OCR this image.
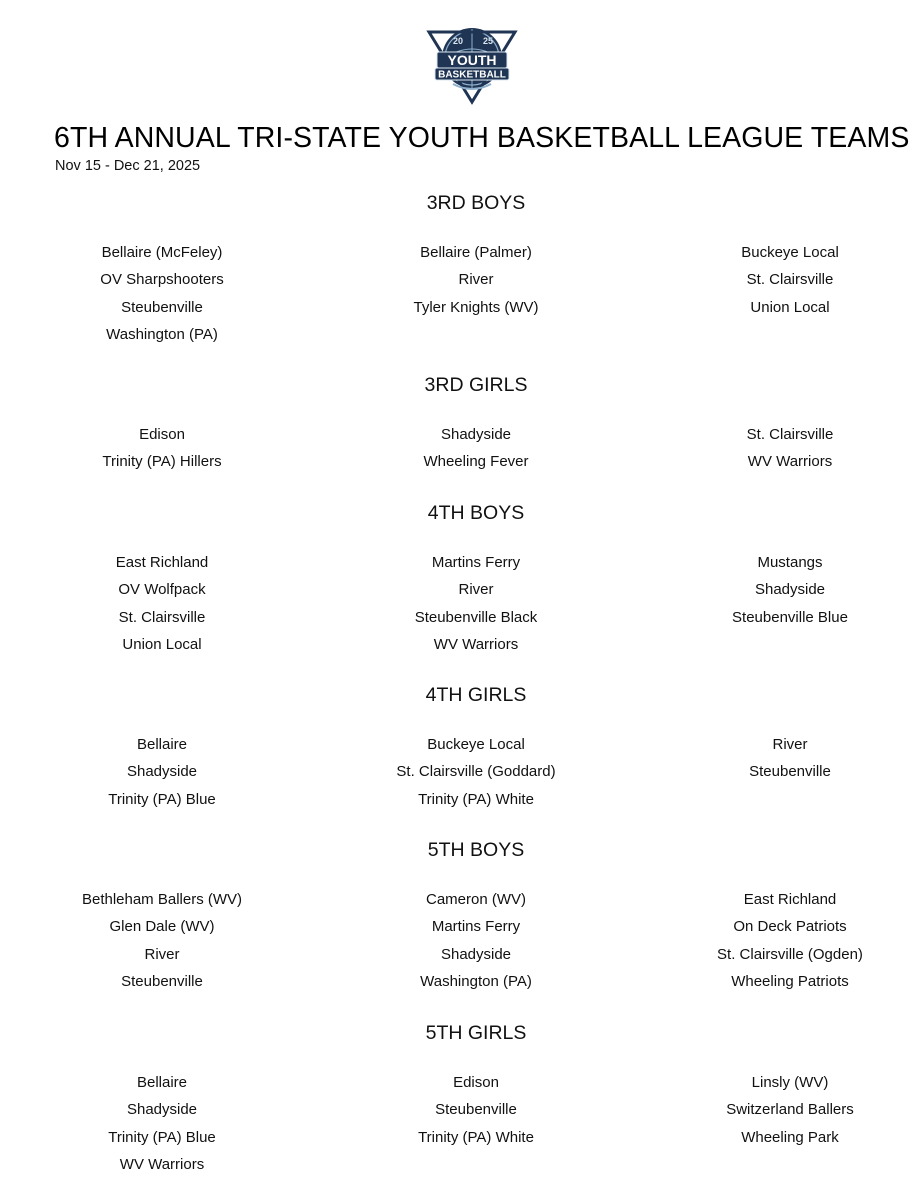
20 25
YOUTH
BASKETBALL
6TH ANNUAL TRI-STATE YOUTH BASKETBALL LEAGUE TEAMS
Nov 15 - Dec 21, 2025
3RD BOYS
Bellaire (McFeley)	Bellaire (Palmer)	Buckeye Local
OV Sharpshooters	River	St. Clairsville
Steubenville	Tyler Knights (WV)	Union Local
Washington (PA)
3RD GIRLS
Edison	Shadyside	St. Clairsville
Trinity (PA) Hillers	Wheeling Fever	WV Warriors
4TH BOYS
East Richland	Martins Ferry	Mustangs
OV Wolfpack	River	Shadyside
St. Clairsville	Steubenville Black	Steubenville Blue
Union Local	WV Warriors
4TH GIRLS
Bellaire	Buckeye Local	River
Shadyside	St. Clairsville (Goddard)	Steubenville
Trinity (PA) Blue	Trinity (PA) White
5TH BOYS
Bethleham Ballers (WV)	Cameron (WV)	East Richland
Glen Dale (WV)	Martins Ferry	On Deck Patriots
River	Shadyside	St. Clairsville (Ogden)
Steubenville	Washington (PA)	Wheeling Patriots
5TH GIRLS
Bellaire	Edison	Linsly (WV)
Shadyside	Steubenville	Switzerland Ballers
Trinity (PA) Blue	Trinity (PA) White	Wheeling Park
WV Warriors
